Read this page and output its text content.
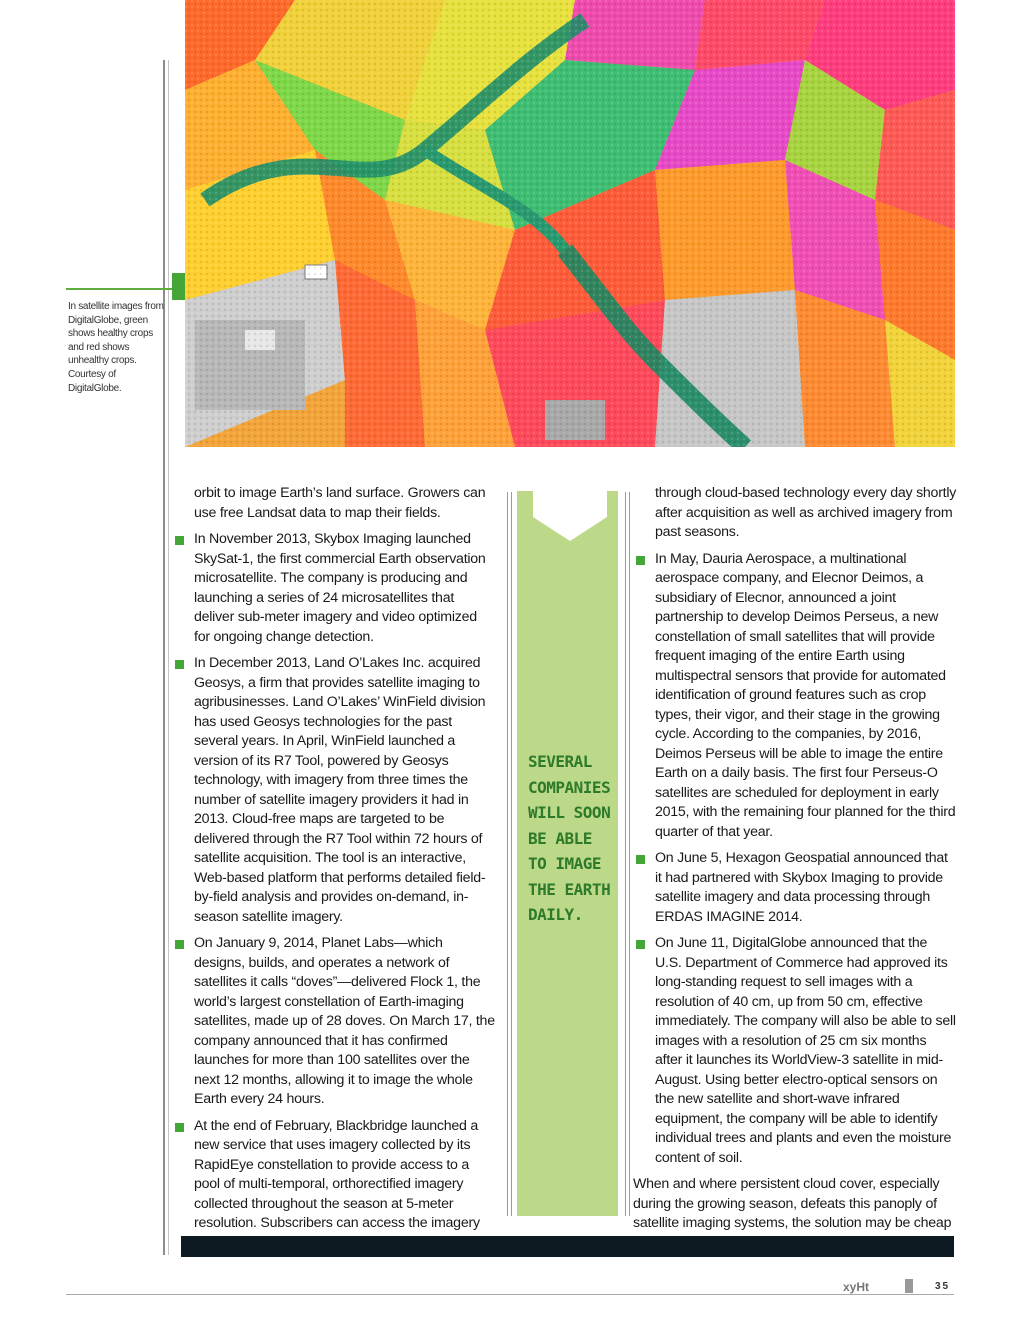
In satellite images from DigitalGlobe, green shows healthy crops and red shows unhealthy crops. Courtesy of DigitalGlobe.
SEVERAL COMPANIES WILL SOON BE ABLE TO IMAGE THE EARTH DAILY.

orbit to image Earth’s land surface. Growers can use free Landsat data to map their fields.

In November 2013, Skybox Imaging launched SkySat-1, the first commercial Earth observation microsatellite. The company is producing and launching a series of 24 microsatellites that deliver sub-meter imagery and video optimized for ongoing change detection.
In December 2013, Land O’Lakes Inc. acquired Geosys, a firm that provides satellite imaging to agribusinesses. Land O’Lakes’ WinField division has used Geosys technologies for the past several years. In April, WinField launched a version of its R7 Tool, powered by Geosys technology, with imagery from three times the number of satellite imagery providers it had in 2013. Cloud-free maps are targeted to be delivered through the R7 Tool within 72 hours of satellite acquisition. The tool is an interactive, Web-based platform that performs detailed field-by-field analysis and provides on-demand, in-season satellite imagery.
On January 9, 2014, Planet Labs—which designs, builds, and operates a network of satellites it calls “doves”—delivered Flock 1, the world’s largest constellation of Earth-imaging satellites, made up of 28 doves. On March 17, the company announced that it has confirmed launches for more than 100 satellites over the next 12 months, allowing it to image the whole Earth every 24 hours.
At the end of February, Blackbridge launched a new service that uses imagery collected by its RapidEye constellation to provide access to a pool of multi-temporal, orthorectified imagery collected throughout the season at 5-meter resolution. Subscribers can access the imagery

through cloud-based technology every day shortly after acquisition as well as archived imagery from past seasons.

In May, Dauria Aerospace, a multinational aerospace company, and Elecnor Deimos, a subsidiary of Elecnor, announced a joint partnership to develop Deimos Perseus, a new constellation of small satellites that will provide frequent imaging of the entire Earth using multispectral sensors that provide for automated identification of ground features such as crop types, their vigor, and their stage in the growing cycle. According to the companies, by 2016, Deimos Perseus will be able to image the entire Earth on a daily basis. The first four Perseus-O satellites are scheduled for deployment in early 2015, with the remaining four planned for the third quarter of that year.
On June 5, Hexagon Geospatial announced that it had partnered with Skybox Imaging to provide satellite imagery and data processing through ERDAS IMAGINE 2014.
On June 11, DigitalGlobe announced that the U.S. Department of Commerce had approved its long-standing request to sell images with a resolution of 40 cm, up from 50 cm, effective immediately. The company will also be able to sell images with a resolution of 25 cm six months after it launches its WorldView-3 satellite in mid-August. Using better electro-optical sensors on the new satellite and short-wave infrared equipment, the company will be able to identify individual trees and plants and even the moisture content of soil.

When and where persistent cloud cover, especially during the growing season, defeats this panoply of satellite imaging systems, the solution may be cheap

xyHt	35
